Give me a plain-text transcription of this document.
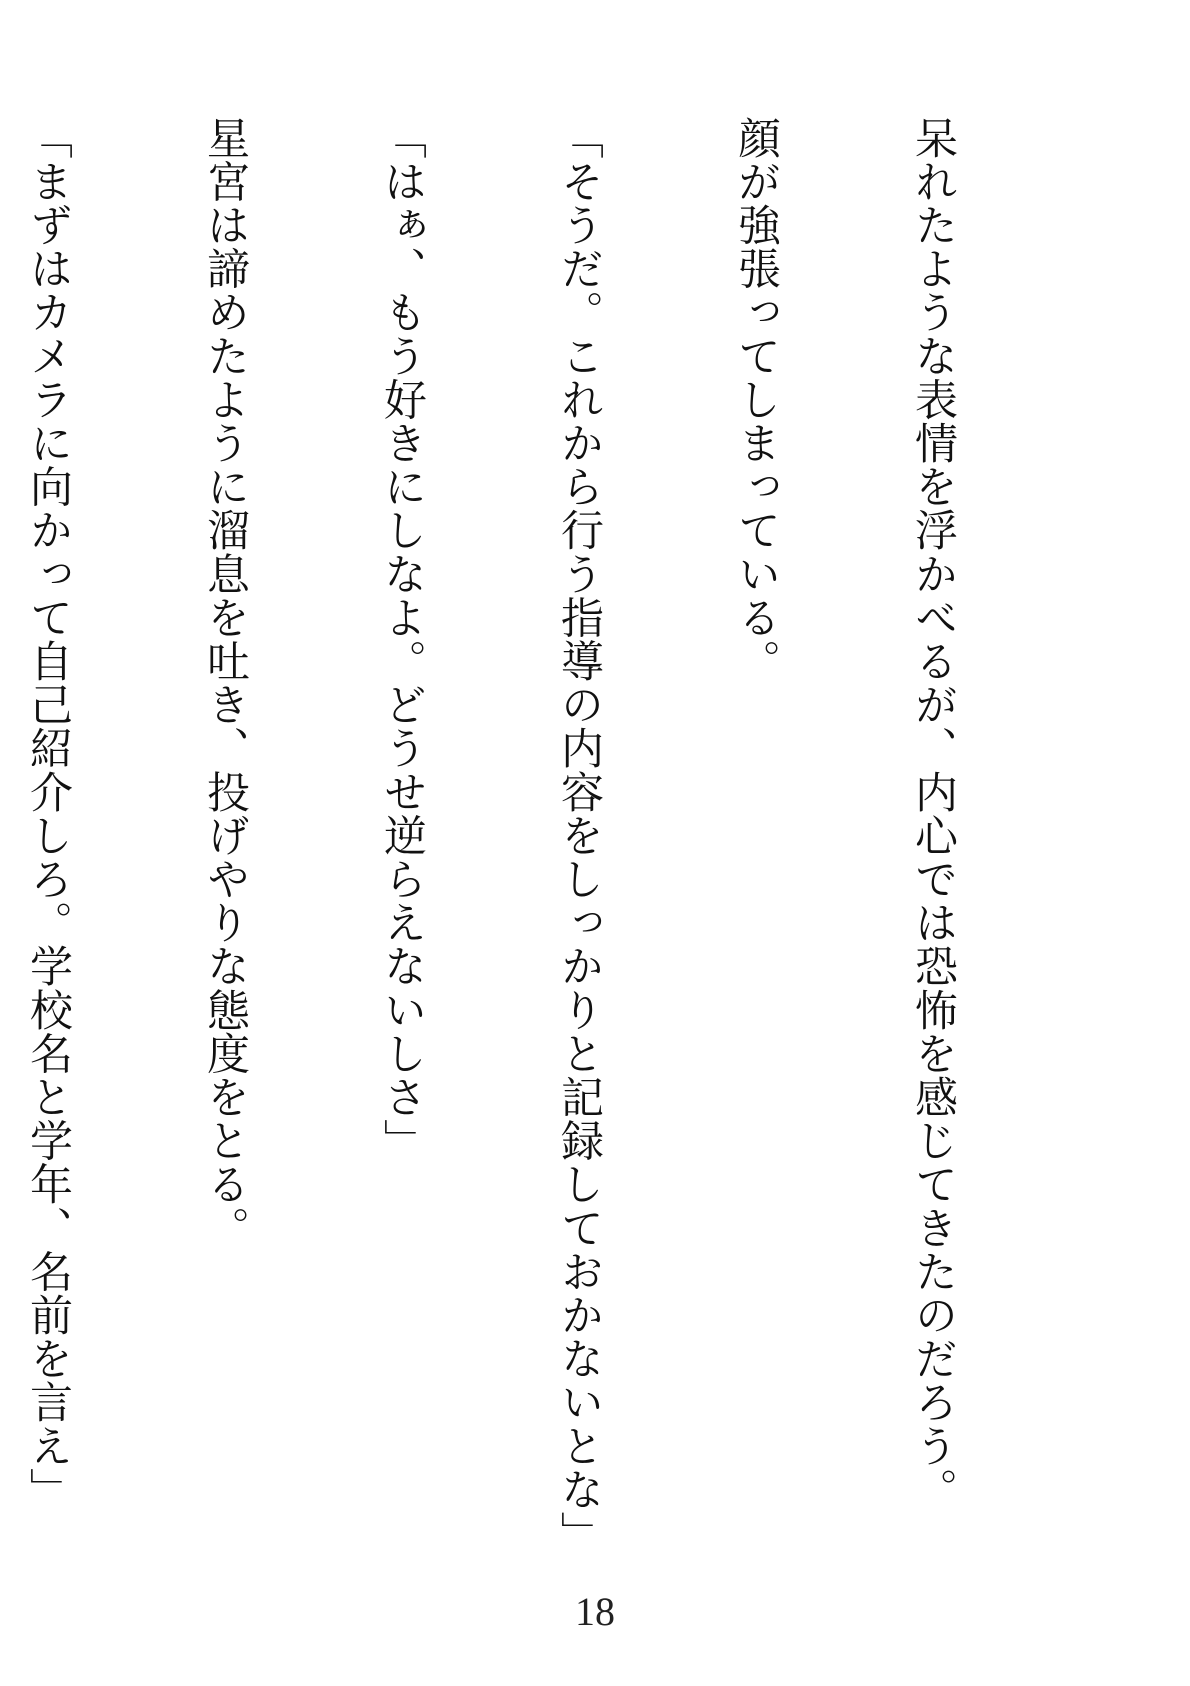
呆れたような表情を浮かべるが、内心では恐怖を感じてきたのだろう。

顔が強張ってしまっている。

「そうだ。これから行う指導の内容をしっかりと記録しておかないとな」

「はぁ、もう好きにしなよ。どうせ逆らえないしさ」

星宮は諦めたように溜息を吐き、投げやりな態度をとる。

「まずはカメラに向かって自己紹介しろ。学校名と学年、名前を言え」

18
